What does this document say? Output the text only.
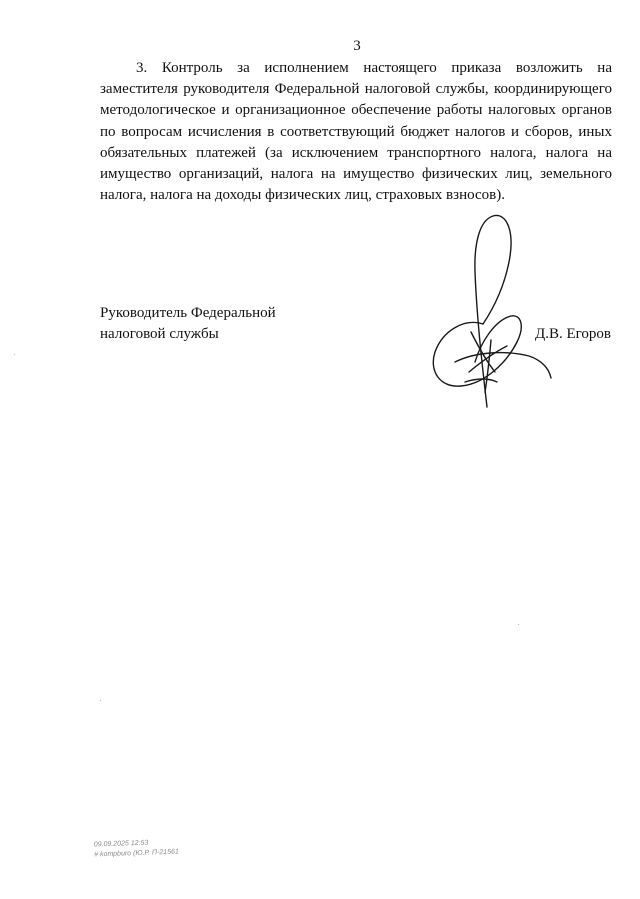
3
3. Контроль за исполнением настоящего приказа возложить на
заместителя руководителя Федеральной налоговой службы, координирующего
методологическое и организационное обеспечение работы налоговых органов
по вопросам исчисления в соответствующий бюджет налогов и сборов, иных
обязательных платежей (за исключением транспортного налога, налога на
имущество организаций, налога на имущество физических лиц, земельного
налога, налога на доходы физических лиц, страховых взносов).
Руководитель Федеральной
налоговой службы	Д.В. Егоров
09.09.2025 12:53
# kompburo (Ю.Р. П-21561
